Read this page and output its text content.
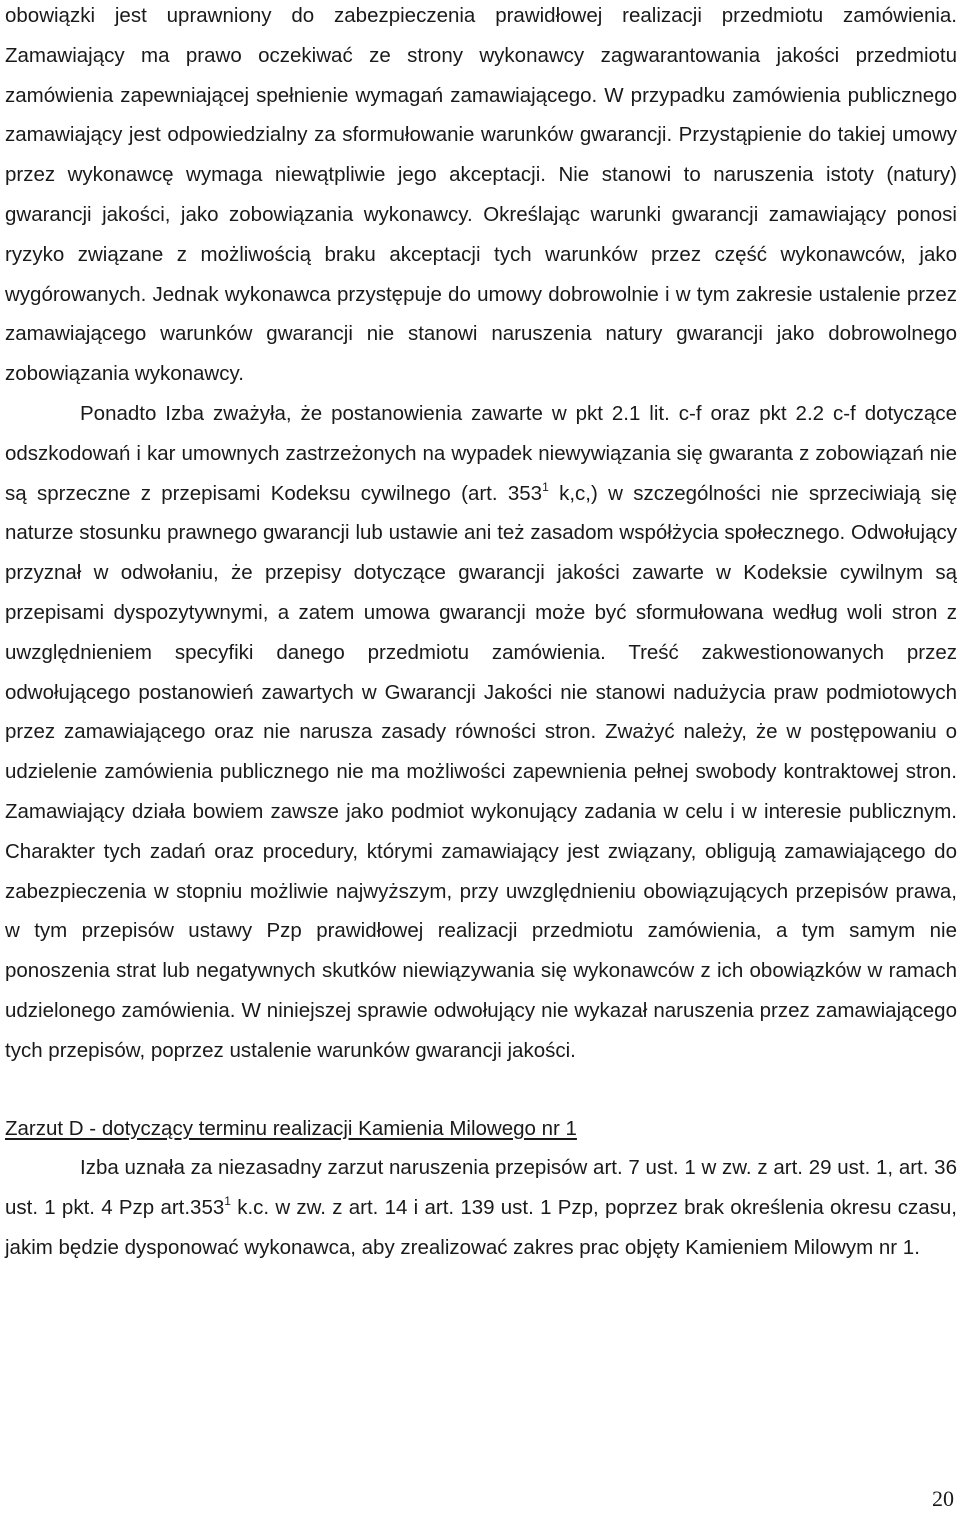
obowiązki jest uprawniony do zabezpieczenia prawidłowej realizacji przedmiotu zamówienia. Zamawiający ma prawo oczekiwać ze strony wykonawcy zagwarantowania jakości przedmiotu zamówienia zapewniającej spełnienie wymagań zamawiającego. W przypadku zamówienia publicznego zamawiający jest odpowiedzialny za sformułowanie warunków gwarancji. Przystąpienie do takiej umowy przez wykonawcę wymaga niewątpliwie jego akceptacji. Nie stanowi to naruszenia istoty (natury) gwarancji jakości, jako zobowiązania wykonawcy. Określając warunki gwarancji zamawiający ponosi ryzyko związane z możliwością braku akceptacji tych warunków przez część wykonawców, jako wygórowanych. Jednak wykonawca przystępuje do umowy dobrowolnie i w tym zakresie ustalenie przez zamawiającego warunków gwarancji nie stanowi naruszenia natury gwarancji jako dobrowolnego zobowiązania wykonawcy.

Ponadto Izba zważyła, że postanowienia zawarte w pkt 2.1 lit. c-f oraz pkt 2.2 c-f dotyczące odszkodowań i kar umownych zastrzeżonych na wypadek niewywiązania się gwaranta z zobowiązań nie są sprzeczne z przepisami Kodeksu cywilnego (art. $353^1$ k,c,) w szczególności nie sprzeciwiają się naturze stosunku prawnego gwarancji lub ustawie ani też zasadom współżycia społecznego. Odwołujący przyznał w odwołaniu, że przepisy dotyczące gwarancji jakości zawarte w Kodeksie cywilnym są przepisami dyspozytywnymi, a zatem umowa gwarancji może być sformułowana według woli stron z uwzględnieniem specyfiki danego przedmiotu zamówienia. Treść zakwestionowanych przez odwołującego postanowień zawartych w Gwarancji Jakości nie stanowi nadużycia praw podmiotowych przez zamawiającego oraz nie narusza zasady równości stron. Zważyć należy, że w postępowaniu o udzielenie zamówienia publicznego nie ma możliwości zapewnienia pełnej swobody kontraktowej stron. Zamawiający działa bowiem zawsze jako podmiot wykonujący zadania w celu i w interesie publicznym. Charakter tych zadań oraz procedury, którymi zamawiający jest związany, obligują zamawiającego do zabezpieczenia w stopniu możliwie najwyższym, przy uwzględnieniu obowiązujących przepisów prawa, w tym przepisów ustawy Pzp prawidłowej realizacji przedmiotu zamówienia, a tym samym nie ponoszenia strat lub negatywnych skutków niewiązywania się wykonawców z ich obowiązków w ramach udzielonego zamówienia. W niniejszej sprawie odwołujący nie wykazał naruszenia przez zamawiającego tych przepisów, poprzez ustalenie warunków gwarancji jakości.

Zarzut D - dotyczący terminu realizacji Kamienia Milowego nr 1

Izba uznała za niezasadny zarzut naruszenia przepisów art. 7 ust. 1 w zw. z art. 29 ust. 1, art. 36 ust. 1 pkt. 4 Pzp art.353$^1$ k.c. w zw. z art. 14 i art. 139 ust. 1 Pzp, poprzez brak określenia okresu czasu, jakim będzie dysponować wykonawca, aby zrealizować zakres prac objęty Kamieniem Milowym nr 1.

20
